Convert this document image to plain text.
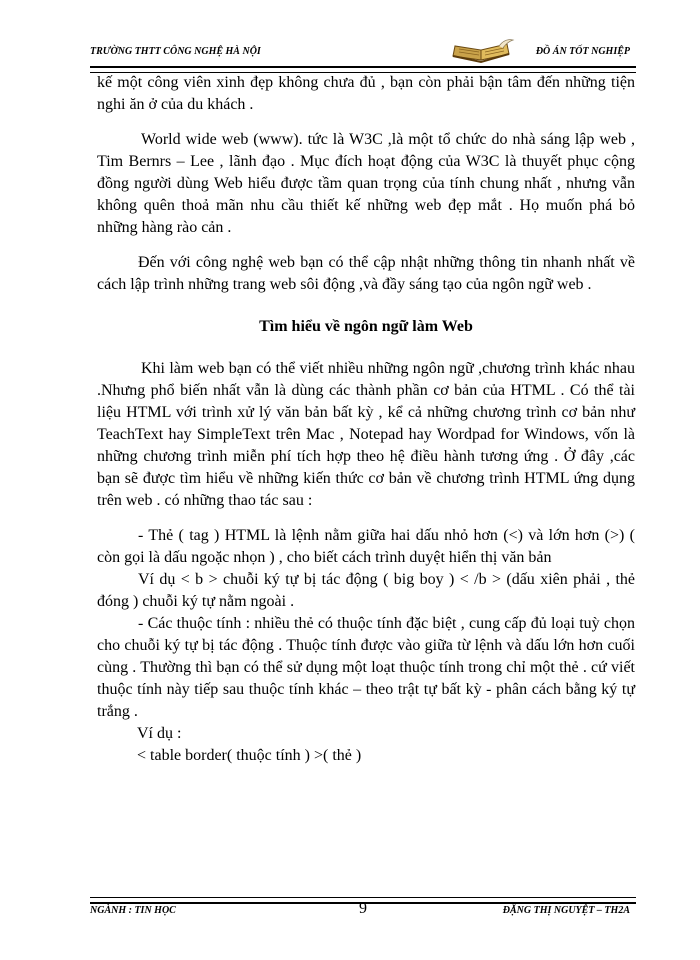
TRƯỜNG THTT CÔNG NGHỆ HÀ NỘI	ĐỒ ÁN TỐT NGHIỆP

kế một công viên xinh đẹp không chưa đủ , bạn còn phải bận tâm đến những tiện nghi ăn ở của du khách .

World wide web (www). tức là W3C ,là một tổ chức do nhà sáng lập web , Tim Bernrs – Lee , lãnh đạo . Mục đích hoạt động của W3C là thuyết phục cộng đồng người dùng Web hiểu được tầm quan trọng của tính chung nhất , nhưng vẫn không quên thoả mãn nhu cầu thiết kế những web đẹp mắt . Họ muốn phá bỏ những hàng rào cản .

Đến với công nghệ web bạn có thể cập nhật những thông tin nhanh nhất về cách lập trình những trang web sôi động ,và đầy sáng tạo của ngôn ngữ web .

Tìm hiểu về ngôn ngữ làm Web

Khi làm web bạn có thể viết nhiều những ngôn ngữ ,chương trình khác nhau .Nhưng phổ biến nhất vẫn là dùng các thành phần cơ bản của HTML . Có thể tài liệu HTML với trình xử lý văn bản bất kỳ , kể cả những chương trình cơ bản như TeachText hay SimpleText trên Mac , Notepad hay Wordpad for Windows, vốn là những chương trình miễn phí tích hợp theo hệ điều hành tương ứng . Ở đây ,các bạn sẽ được tìm hiểu về những kiến thức cơ bản về chương trình HTML ứng dụng trên web . có những thao tác sau :

- Thẻ ( tag ) HTML là lệnh nằm giữa hai dấu nhỏ hơn (<) và lớn hơn (>) ( còn gọi là dấu ngoặc nhọn ) , cho biết cách trình duyệt hiển thị văn bản

Ví dụ < b > chuỗi ký tự bị tác động ( big boy ) < /b > (dấu xiên phải , thẻ đóng ) chuỗi ký tự nằm ngoài .

- Các thuộc tính : nhiều thẻ có thuộc tính đặc biệt , cung cấp đủ loại tuỳ chọn cho chuỗi ký tự bị tác động . Thuộc tính được vào giữa từ lệnh và dấu lớn hơn cuối cùng . Thường thì bạn có thể sử dụng một loạt thuộc tính trong chỉ một thẻ . cứ viết thuộc tính này tiếp sau thuộc tính khác – theo trật tự bất kỳ - phân cách bằng ký tự trắng .

Ví dụ :

< table border( thuộc tính ) >( thẻ )

NGÀNH : TIN HỌC	9	ĐẶNG THỊ NGUYỆT – TH2A
